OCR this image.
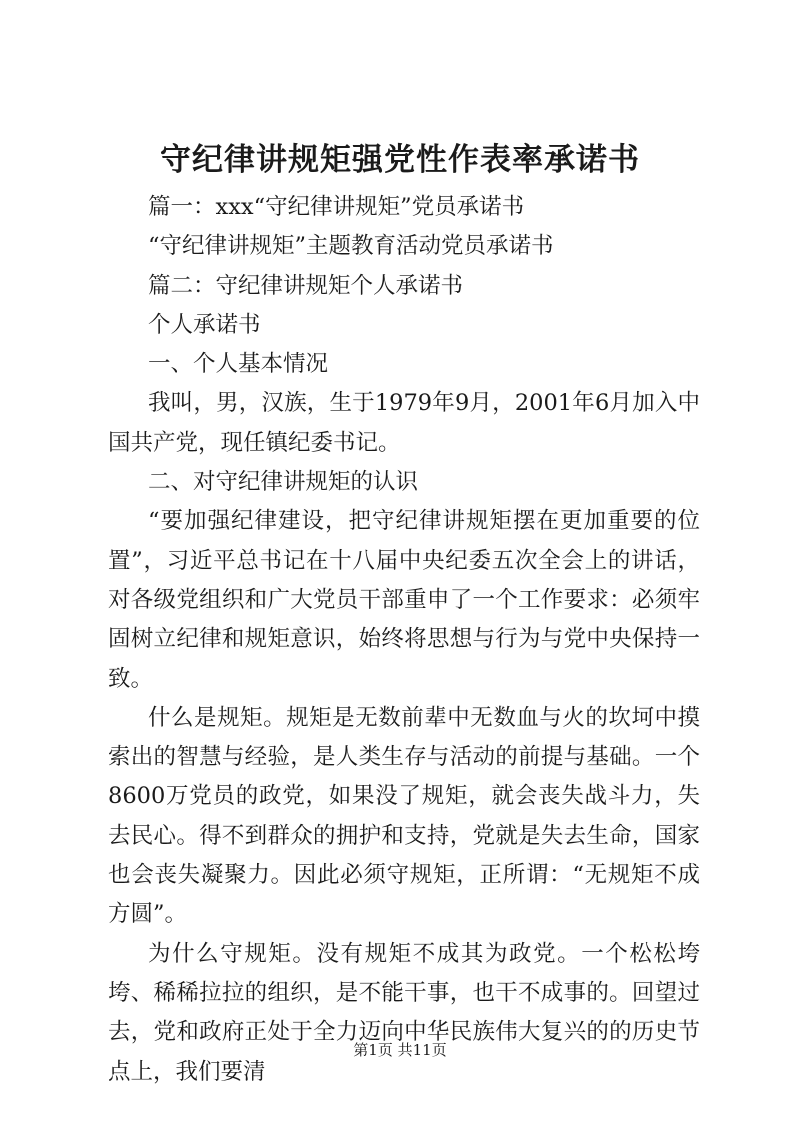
守纪律讲规矩强党性作表率承诺书

篇一：xxx“守纪律讲规矩”党员承诺书

“守纪律讲规矩”主题教育活动党员承诺书

篇二：守纪律讲规矩个人承诺书

个人承诺书

一、个人基本情况

我叫，男，汉族，生于1979年9月，2001年6月加入中国共产党，现任镇纪委书记。

二、对守纪律讲规矩的认识

“要加强纪律建设，把守纪律讲规矩摆在更加重要的位置”，习近平总书记在十八届中央纪委五次全会上的讲话，对各级党组织和广大党员干部重申了一个工作要求：必须牢固树立纪律和规矩意识，始终将思想与行为与党中央保持一致。

什么是规矩。规矩是无数前辈中无数血与火的坎坷中摸索出的智慧与经验，是人类生存与活动的前提与基础。一个8600万党员的政党，如果没了规矩，就会丧失战斗力，失去民心。得不到群众的拥护和支持，党就是失去生命，国家也会丧失凝聚力。因此必须守规矩，正所谓：“无规矩不成方圆”。

为什么守规矩。没有规矩不成其为政党。一个松松垮垮、稀稀拉拉的组织，是不能干事，也干不成事的。回望过去，党和政府正处于全力迈向中华民族伟大复兴的的历史节点上，我们要清

第1页 共11页
